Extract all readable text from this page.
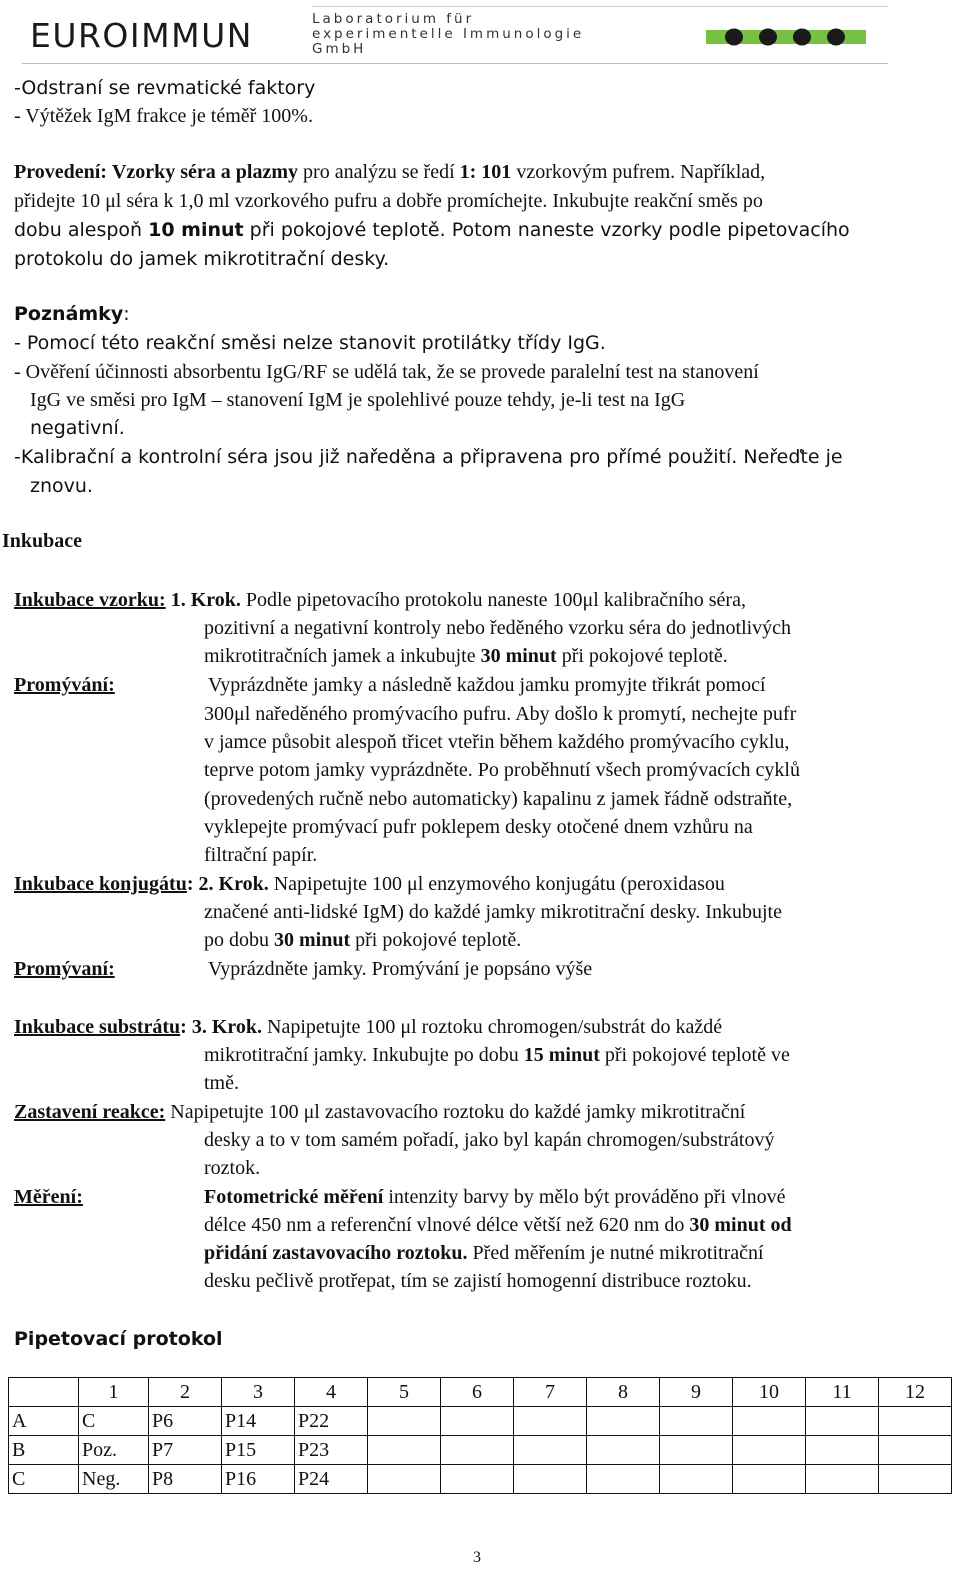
EUROIMMUN	Laboratorium für
experimentelle Immunologie
GmbH

-Odstraní se revmatické faktory

- Výtěžek IgM frakce je téměř 100%.

Provedení: Vzorky séra a plazmy pro analýzu se ředí 1: 101 vzorkovým pufrem. Například,

přidejte 10 μl séra k 1,0 ml vzorkového pufru a dobře promíchejte. Inkubujte reakční směs po

dobu alespoň 10 minut při pokojové teplotě. Potom naneste vzorky podle pipetovacího

protokolu do jamek mikrotitrační desky.

Poznámky:

- Pomocí této reakční směsi nelze stanovit protilátky třídy IgG.

- Ověření účinnosti absorbentu IgG/RF se udělá tak, že se provede paralelní test na stanovení

IgG ve směsi pro IgM – stanovení IgM je spolehlivé pouze tehdy, je-li test na IgG

negativní.

-Kalibrační a kontrolní séra jsou již naředěna a připravena pro přímé použití. Neřeďte je

znovu.

Inkubace

Inkubace vzorku: 1. Krok. Podle pipetovacího protokolu naneste 100μl kalibračního séra,

pozitivní a negativní kontroly nebo ředěného vzorku séra do jednotlivých

mikrotitračních jamek a inkubujte 30 minut při pokojové teplotě.

Promývání:	Vyprázdněte jamky a následně každou jamku promyjte třikrát pomocí

300μl naředěného promývacího pufru. Aby došlo k promytí, nechejte pufr

v jamce působit alespoň třicet vteřin během každého promývacího cyklu,

teprve potom jamky vyprázdněte. Po proběhnutí všech promývacích cyklů

(provedených ručně nebo automaticky) kapalinu z jamek řádně odstraňte,

vyklepejte promývací pufr poklepem desky otočené dnem vzhůru na

filtrační papír.

Inkubace konjugátu: 2. Krok. Napipetujte 100 μl enzymového konjugátu (peroxidasou

značené anti-lidské IgM) do každé jamky mikrotitrační desky. Inkubujte

po dobu 30 minut při pokojové teplotě.

Promývaní:	Vyprázdněte jamky. Promývání je popsáno výše

Inkubace substrátu: 3. Krok. Napipetujte 100 μl roztoku chromogen/substrát do každé

mikrotitrační jamky. Inkubujte po dobu 15 minut při pokojové teplotě ve

tmě.

Zastavení reakce: Napipetujte 100 μl zastavovacího roztoku do každé jamky mikrotitrační

desky a to v tom samém pořadí, jako byl kapán chromogen/substrátový

roztok.

Měření:	Fotometrické měření intenzity barvy by mělo být prováděno při vlnové

délce 450 nm a referenční vlnové délce větší než 620 nm do 30 minut od

přidání zastavovacího roztoku. Před měřením je nutné mikrotitrační

desku pečlivě protřepat, tím se zajistí homogenní distribuce roztoku.

Pipetovací protokol

	1	2	3	4	5	6	7	8	9	10	11	12
A	C	P6	P14	P22								
B	Poz.	P7	P15	P23								
C	Neg.	P8	P16	P24								
3
